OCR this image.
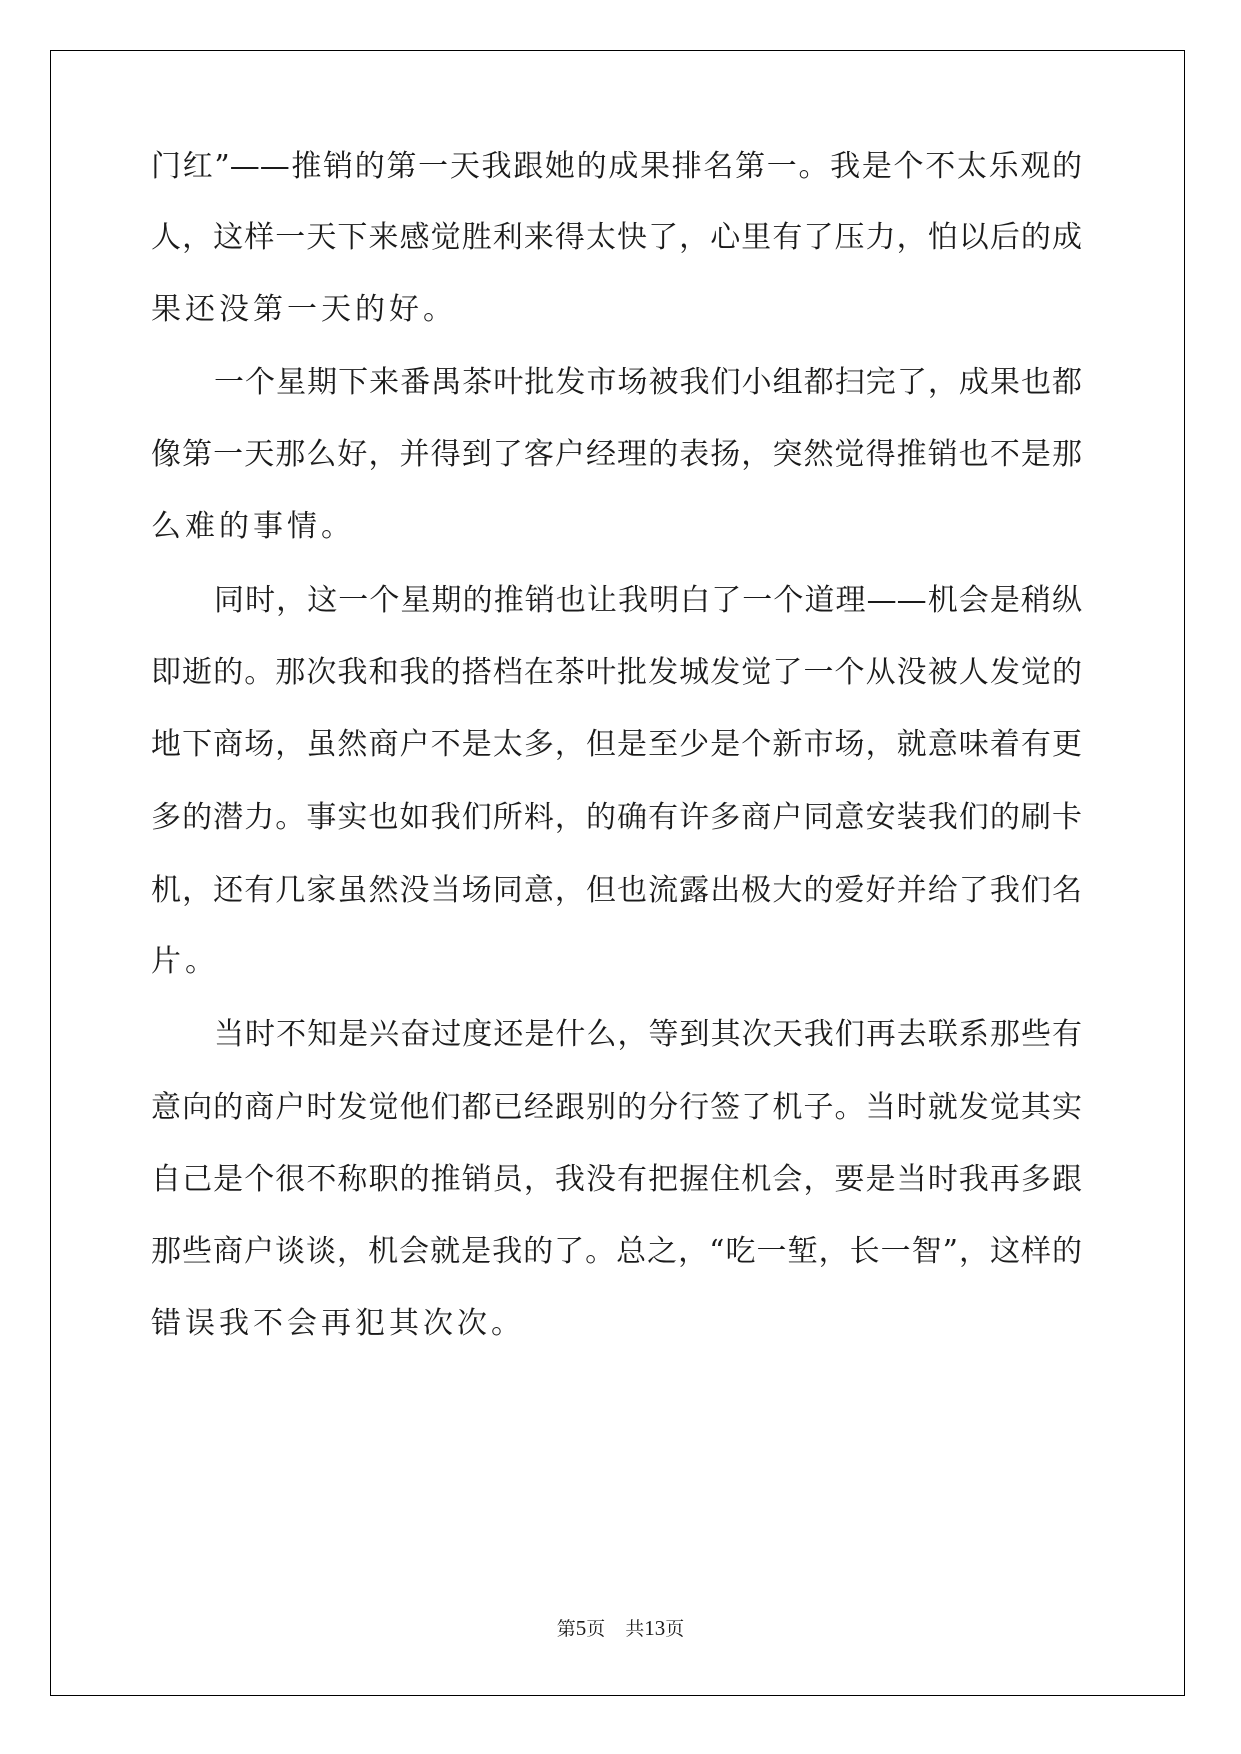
门红”——推销的第一天我跟她的成果排名第一。我是个不太乐观的

人，这样一天下来感觉胜利来得太快了，心里有了压力，怕以后的成

果还没第一天的好。

一个星期下来番禺茶叶批发市场被我们小组都扫完了，成果也都

像第一天那么好，并得到了客户经理的表扬，突然觉得推销也不是那

么难的事情。

同时，这一个星期的推销也让我明白了一个道理——机会是稍纵

即逝的。那次我和我的搭档在茶叶批发城发觉了一个从没被人发觉的

地下商场，虽然商户不是太多，但是至少是个新市场，就意味着有更

多的潜力。事实也如我们所料，的确有许多商户同意安装我们的刷卡

机，还有几家虽然没当场同意，但也流露出极大的爱好并给了我们名

片。

当时不知是兴奋过度还是什么，等到其次天我们再去联系那些有

意向的商户时发觉他们都已经跟别的分行签了机子。当时就发觉其实

自己是个很不称职的推销员，我没有把握住机会，要是当时我再多跟

那些商户谈谈，机会就是我的了。总之，“吃一堑，长一智”，这样的

错误我不会再犯其次次。

第5页 共13页
